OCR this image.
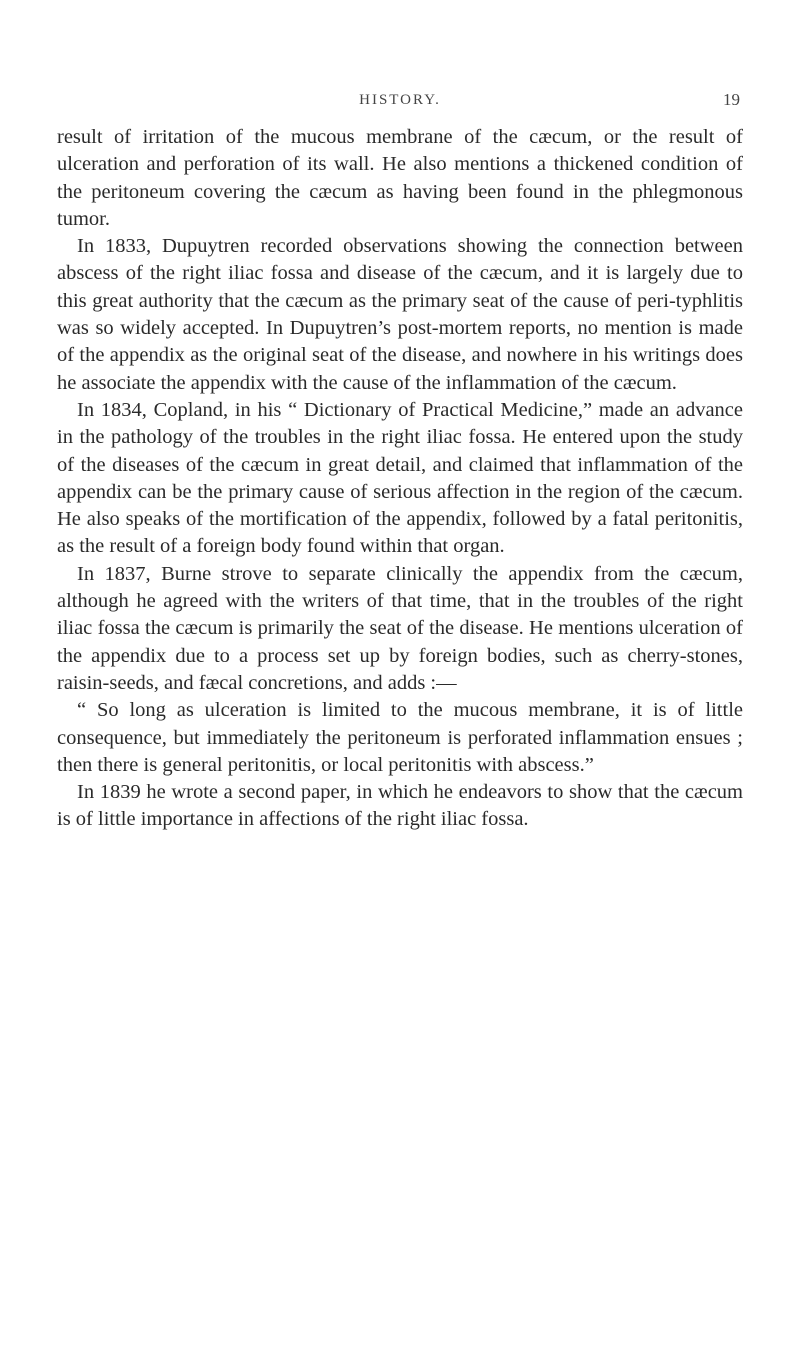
HISTORY.	19

result of irritation of the mucous membrane of the cæcum, or the result of ulceration and perforation of its wall. He also mentions a thickened condition of the peritoneum covering the cæcum as having been found in the phlegmonous tumor.

In 1833, Dupuytren recorded observations showing the connection between abscess of the right iliac fossa and disease of the cæcum, and it is largely due to this great authority that the cæcum as the primary seat of the cause of peri-typhlitis was so widely accepted. In Dupuytren’s post-mortem reports, no mention is made of the appendix as the original seat of the disease, and nowhere in his writings does he associate the appendix with the cause of the inflammation of the cæcum.

In 1834, Copland, in his “ Dictionary of Practical Medicine,” made an advance in the pathology of the troubles in the right iliac fossa. He entered upon the study of the diseases of the cæcum in great detail, and claimed that inflammation of the appendix can be the primary cause of serious affection in the region of the cæcum. He also speaks of the mortification of the appendix, followed by a fatal peritonitis, as the result of a foreign body found within that organ.

In 1837, Burne strove to separate clinically the appendix from the cæcum, although he agreed with the writers of that time, that in the troubles of the right iliac fossa the cæcum is primarily the seat of the disease. He mentions ulceration of the appendix due to a process set up by foreign bodies, such as cherry-stones, raisin-seeds, and fæcal concretions, and adds :—

“ So long as ulceration is limited to the mucous membrane, it is of little consequence, but immediately the peritoneum is perforated inflammation ensues ; then there is general peritonitis, or local peritonitis with abscess.”

In 1839 he wrote a second paper, in which he endeavors to show that the cæcum is of little importance in affections of the right iliac fossa.
